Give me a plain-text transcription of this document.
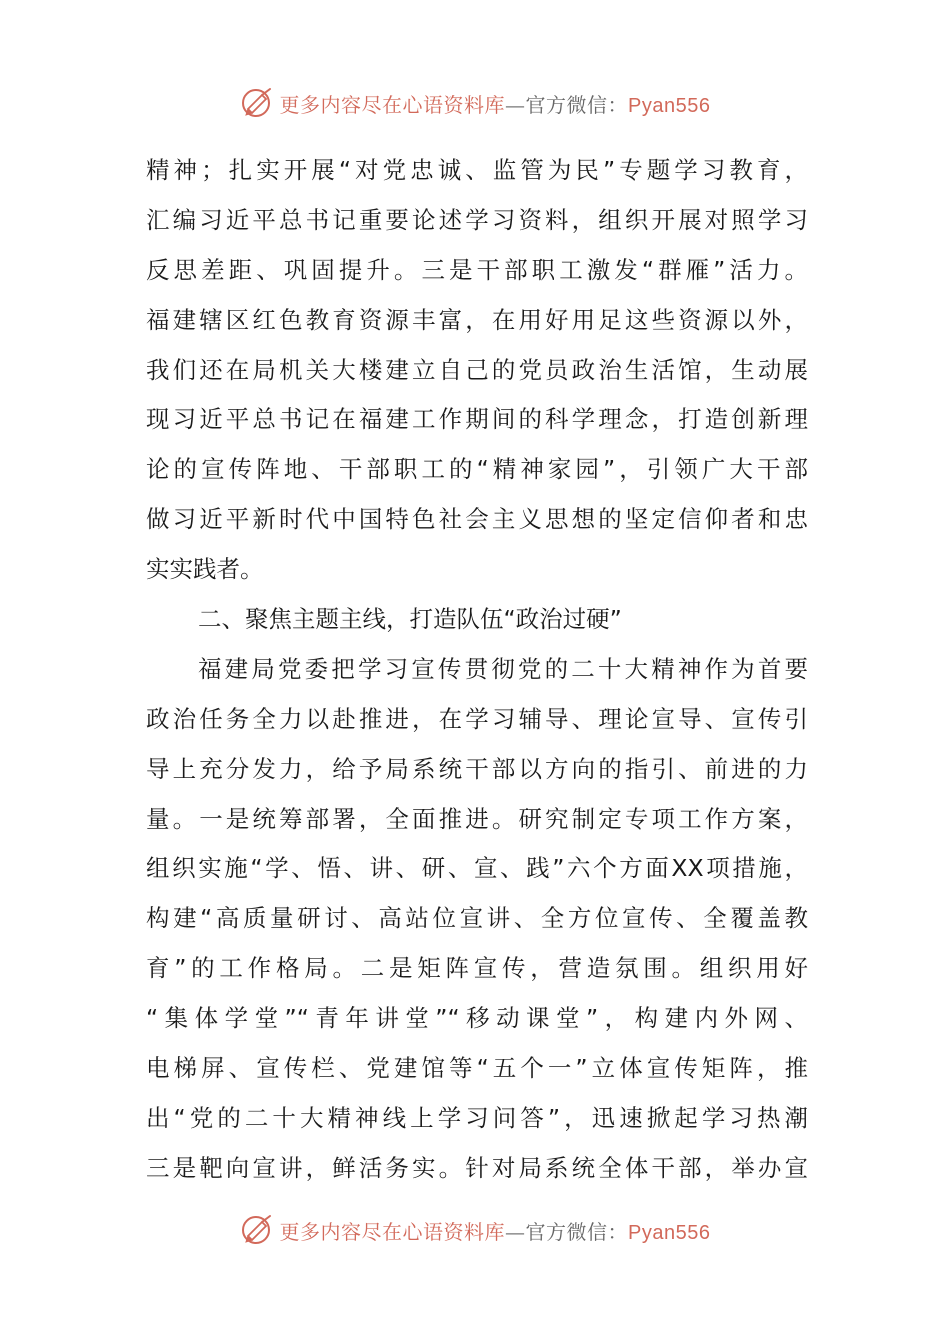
更多内容尽在心语资料库—官方微信：Pyan556
精神；扎实开展“对党忠诚、监管为民”专题学习教育，
汇编习近平总书记重要论述学习资料，组织开展对照学习
反思差距、巩固提升。三是干部职工激发“群雁”活力。
福建辖区红色教育资源丰富，在用好用足这些资源以外，
我们还在局机关大楼建立自己的党员政治生活馆，生动展
现习近平总书记在福建工作期间的科学理念，打造创新理
论的宣传阵地、干部职工的“精神家园”，引领广大干部
做习近平新时代中国特色社会主义思想的坚定信仰者和忠
实实践者。
二、聚焦主题主线，打造队伍“政治过硬”
福建局党委把学习宣传贯彻党的二十大精神作为首要
政治任务全力以赴推进，在学习辅导、理论宣导、宣传引
导上充分发力，给予局系统干部以方向的指引、前进的力
量。一是统筹部署，全面推进。研究制定专项工作方案，
组织实施“学、悟、讲、研、宣、践”六个方面XX项措施，
构建“高质量研讨、高站位宣讲、全方位宣传、全覆盖教
育”的工作格局。二是矩阵宣传，营造氛围。组织用好
“集体学堂”“青年讲堂”“移动课堂”，构建内外网、
电梯屏、宣传栏、党建馆等“五个一”立体宣传矩阵，推
出“党的二十大精神线上学习问答”，迅速掀起学习热潮
三是靶向宣讲，鲜活务实。针对局系统全体干部，举办宣
更多内容尽在心语资料库—官方微信：Pyan556
